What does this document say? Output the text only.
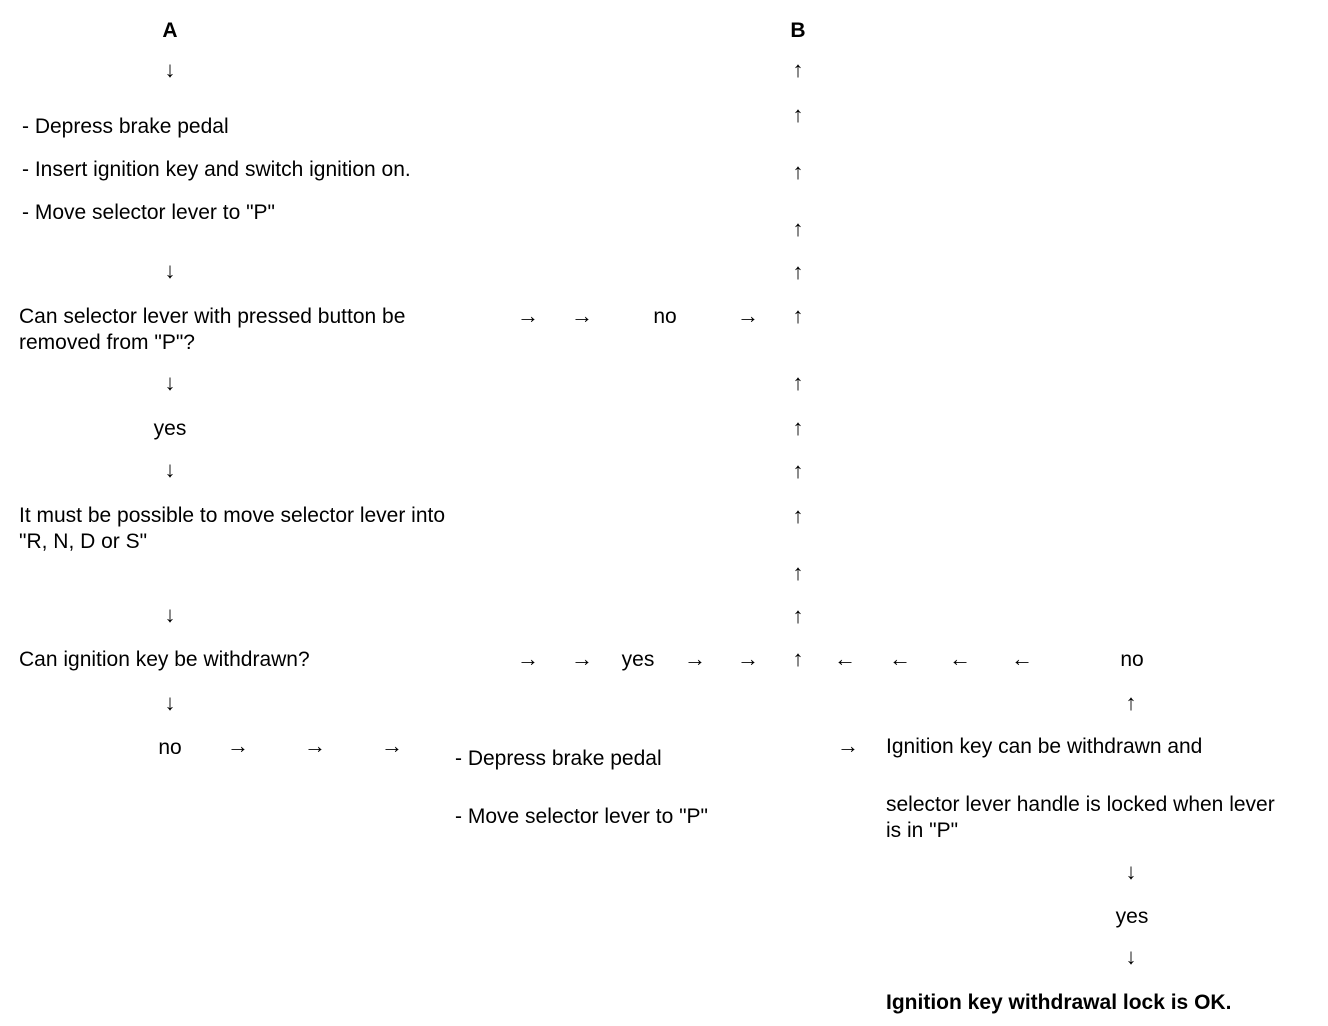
A	B
- Depress brake pedal
- Insert ignition key and switch ignition on.
- Move selector lever to "P"
Can selector lever with pressed button be removed from "P"?
yes
It must be possible to move selector lever into "R, N, D or S"
Can ignition key be withdrawn?
no
no
yes	no
- Depress brake pedal
- Move selector lever to "P"
Ignition key can be withdrawn and
selector lever handle is locked when lever is in "P"
yes
Ignition key withdrawal lock is OK.
↓
↓
↓
↓
↓
↓
↑
↑
↑
↑
↑
↑
↑
↑
↑
↑
↑
↑
↑
→ →	→
→ →	→ →	← ← ← ←
↑
↓
↓
→	→	→	→
